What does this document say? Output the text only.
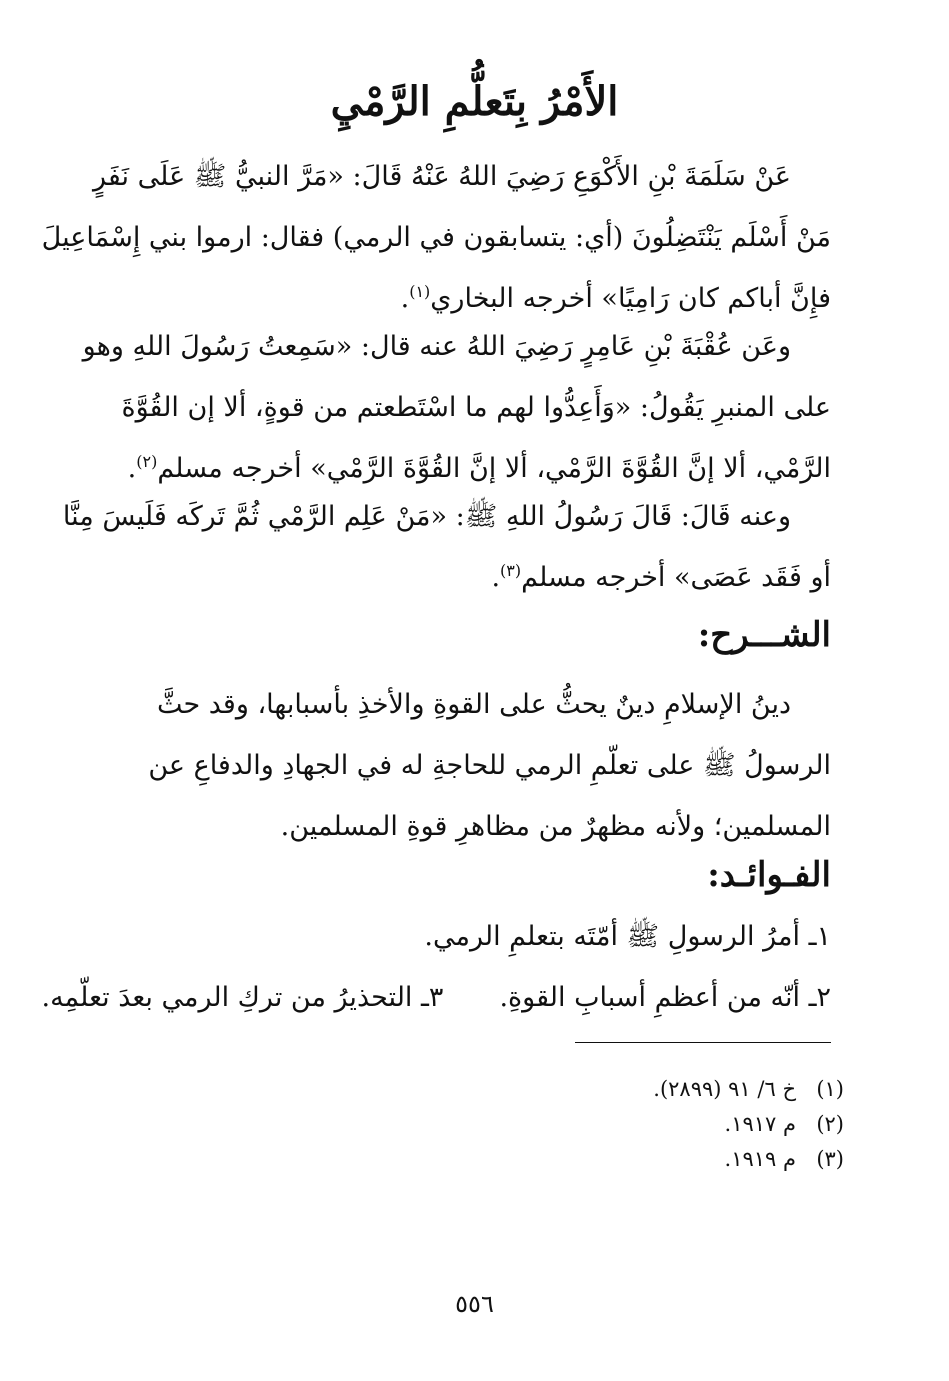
الأَمْرُ بِتَعلُّمِ الرَّمْيِ
عَنْ سَلَمَةَ بْنِ الأَكْوَعِ رَضِيَ اللهُ عَنْهُ قَالَ: «مَرَّ النبيُّ ﷺ عَلَى نَفَرٍ
مَنْ أَسْلَم يَنْتَضِلُونَ (أي: يتسابقون في الرمي) فقال: ارموا بني إِسْمَاعِيلَ
فإِنَّ أباكم كان رَامِيًا» أخرجه البخاري$^{(١)}$.
وعَن عُقْبَةَ بْنِ عَامِرٍ رَضِيَ اللهُ عنه قال: «سَمِعتُ رَسُولَ اللهِ وهو
على المنبرِ يَقُولُ: «وَأَعِدُّوا لهم ما اسْتَطعتم من قوةٍ، ألا إن القُوَّةَ
الرَّمْي، ألا إنَّ القُوَّةَ الرَّمْي، ألا إنَّ القُوَّةَ الرَّمْي» أخرجه مسلم$^{(٢)}$.
وعنه قَالَ: قَالَ رَسُولُ اللهِ ﷺ: «مَنْ عَلِم الرَّمْي ثُمَّ تَركَه فَلَيسَ مِنَّا
أو فَقَد عَصَى» أخرجه مسلم$^{(٣)}$.
الشـــرح:
دينُ الإسلامِ دينٌ يحثُّ على القوةِ والأخذِ بأسبابها، وقد حثَّ
الرسولُ ﷺ على تعلّمِ الرمي للحاجةِ له في الجهادِ والدفاعِ عن
المسلمين؛ ولأنه مظهرٌ من مظاهرِ قوةِ المسلمين.
الفـوائـد:
١ـ أمرُ الرسولِ ﷺ أمّتَه بتعلمِ الرمي.
٢ـ أنّه من أعظمِ أسبابِ القوةِ.٣ـ التحذيرُ من تركِ الرمي بعدَ تعلّمِه.
(١)خ ٦/ ٩١ (٢٨٩٩).
(٢)م ١٩١٧.
(٣)م ١٩١٩.
٥٥٦
